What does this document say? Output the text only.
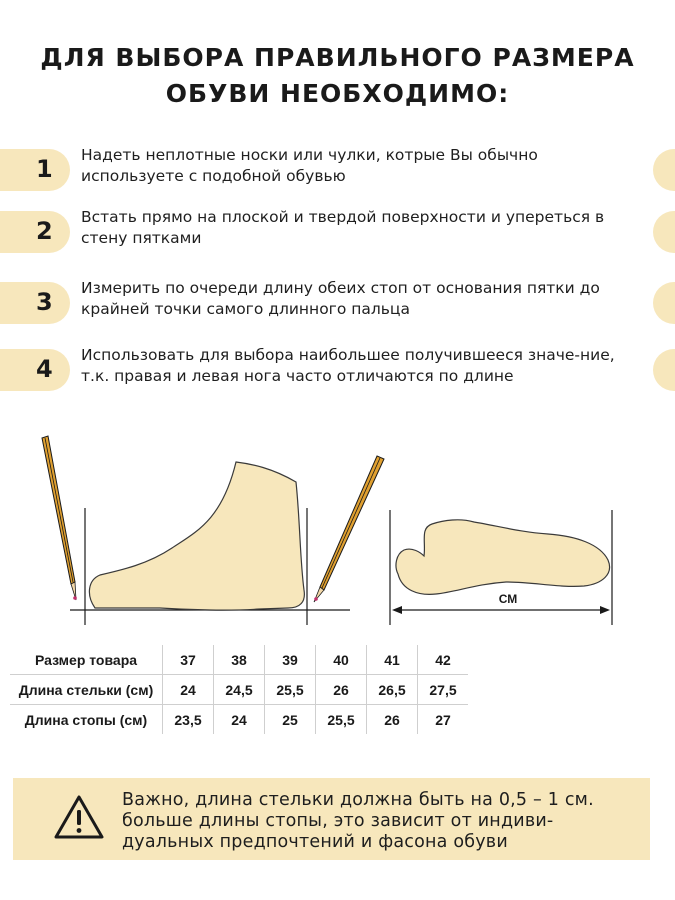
ДЛЯ ВЫБОРА ПРАВИЛЬНОГО РАЗМЕРА
ОБУВИ НЕОБХОДИМО:
1 Надеть неплотные носки или чулки, котрые Вы обычно используете с подобной обувью
2 Встать прямо на плоской и твердой поверхности и упереться в стену пятками
3 Измерить по очереди длину обеих стоп от основания пятки до крайней точки самого длинного пальца
4 Использовать для выбора наибольшее получившееся значе-ние, т.к. правая и левая нога часто отличаются по длине
СМ
Размер товара	37	38	39	40	41	42
Длина стельки (см)	24	24,5	25,5	26	26,5	27,5
Длина стопы (см)	23,5	24	25	25,5	26	27
Важно, длина стельки должна быть на 0,5 – 1 см.
больше длины стопы, это зависит от индиви-
дуальных предпочтений и фасона обуви
